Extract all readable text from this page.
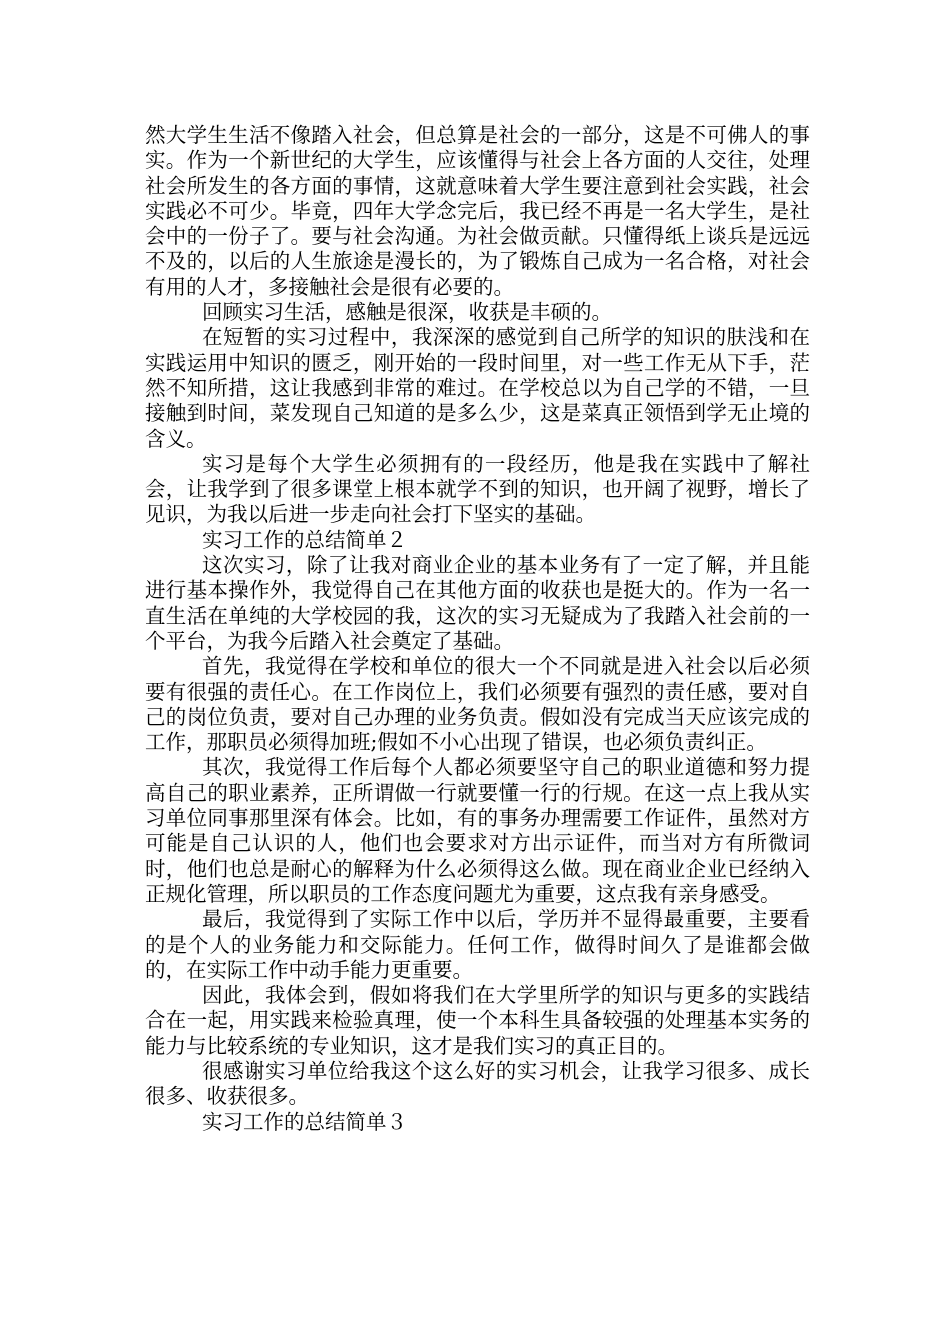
然大学生生活不像踏入社会，但总算是社会的一部分，这是不可佛人的事实。作为一个新世纪的大学生，应该懂得与社会上各方面的人交往，处理社会所发生的各方面的事情，这就意味着大学生要注意到社会实践，社会实践必不可少。毕竟，四年大学念完后，我已经不再是一名大学生，是社会中的一份子了。要与社会沟通。为社会做贡献。只懂得纸上谈兵是远远不及的，以后的人生旅途是漫长的，为了锻炼自己成为一名合格，对社会有用的人才，多接触社会是很有必要的。

回顾实习生活，感触是很深，收获是丰硕的。

在短暂的实习过程中，我深深的感觉到自己所学的知识的肤浅和在实践运用中知识的匮乏，刚开始的一段时间里，对一些工作无从下手，茫然不知所措，这让我感到非常的难过。在学校总以为自己学的不错，一旦接触到时间，菜发现自己知道的是多么少，这是菜真正领悟到学无止境的含义。

实习是每个大学生必须拥有的一段经历，他是我在实践中了解社会，让我学到了很多课堂上根本就学不到的知识，也开阔了视野，增长了见识，为我以后进一步走向社会打下坚实的基础。

实习工作的总结简单２

这次实习，除了让我对商业企业的基本业务有了一定了解，并且能进行基本操作外，我觉得自己在其他方面的收获也是挺大的。作为一名一直生活在单纯的大学校园的我，这次的实习无疑成为了我踏入社会前的一个平台，为我今后踏入社会奠定了基础。

首先，我觉得在学校和单位的很大一个不同就是进入社会以后必须要有很强的责任心。在工作岗位上，我们必须要有强烈的责任感，要对自己的岗位负责，要对自己办理的业务负责。假如没有完成当天应该完成的工作，那职员必须得加班;假如不小心出现了错误，也必须负责纠正。

其次，我觉得工作后每个人都必须要坚守自己的职业道德和努力提高自己的职业素养，正所谓做一行就要懂一行的行规。在这一点上我从实习单位同事那里深有体会。比如，有的事务办理需要工作证件，虽然对方可能是自己认识的人，他们也会要求对方出示证件，而当对方有所微词时，他们也总是耐心的解释为什么必须得这么做。现在商业企业已经纳入正规化管理，所以职员的工作态度问题尤为重要，这点我有亲身感受。

最后，我觉得到了实际工作中以后，学历并不显得最重要，主要看的是个人的业务能力和交际能力。任何工作，做得时间久了是谁都会做的，在实际工作中动手能力更重要。

因此，我体会到，假如将我们在大学里所学的知识与更多的实践结合在一起，用实践来检验真理，使一个本科生具备较强的处理基本实务的能力与比较系统的专业知识，这才是我们实习的真正目的。

很感谢实习单位给我这个这么好的实习机会，让我学习很多、成长很多、收获很多。

实习工作的总结简单３
